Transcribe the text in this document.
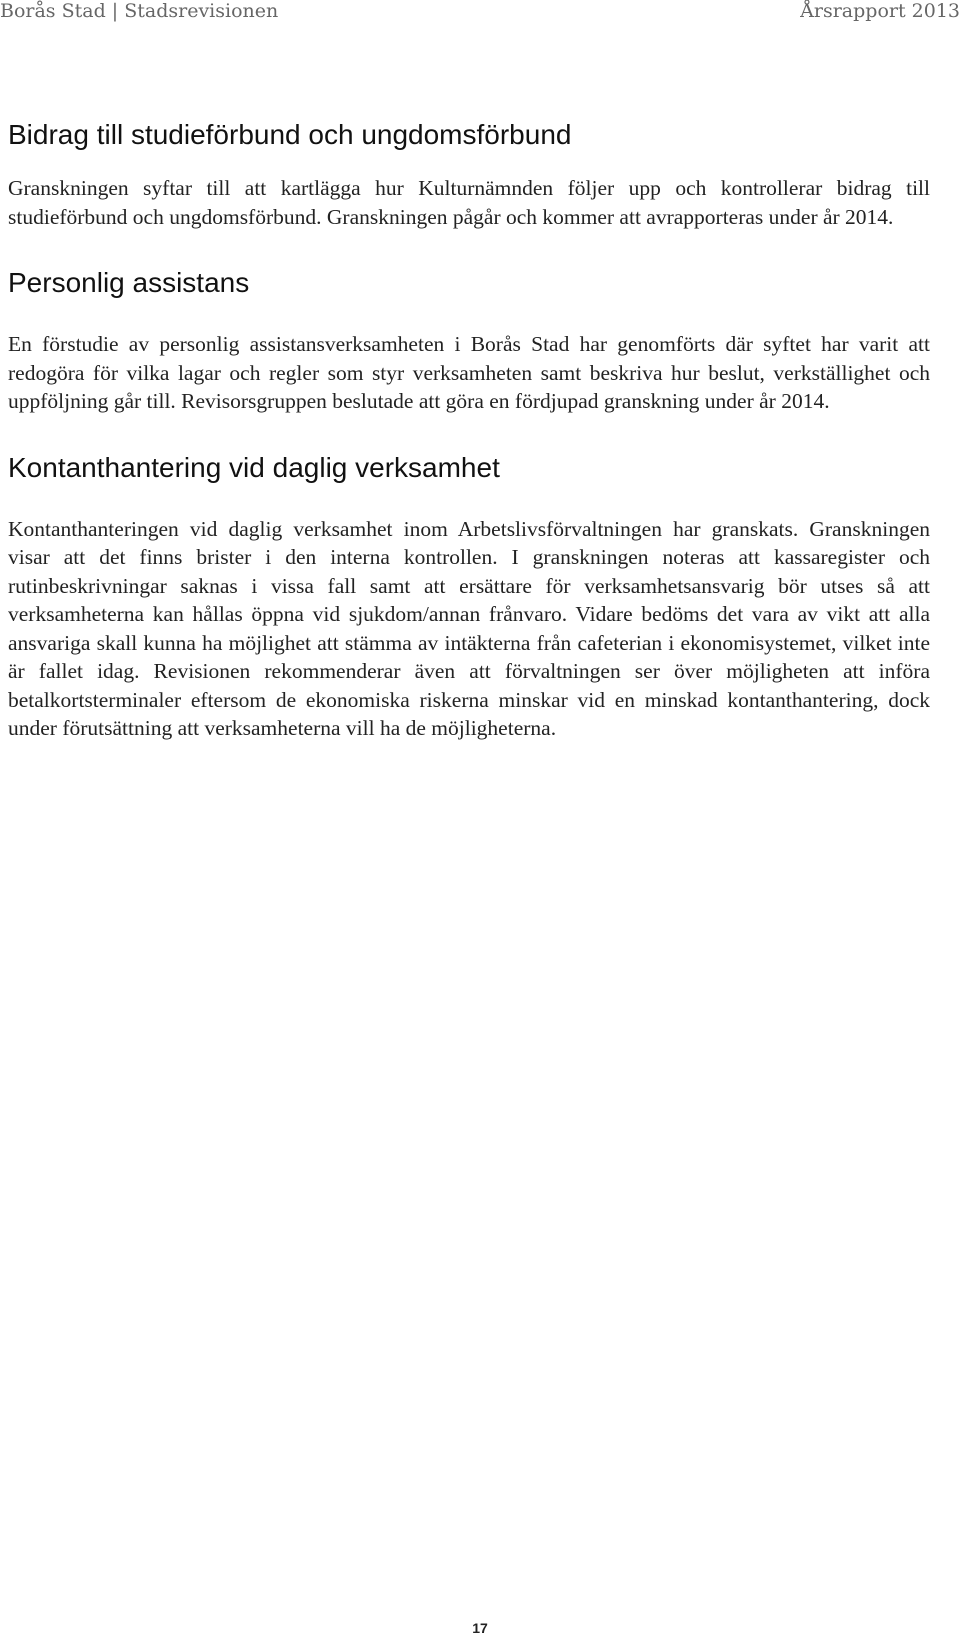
Borås Stad | Stadsrevisionen	Årsrapport 2013
Bidrag till studieförbund och ungdomsförbund

Granskningen syftar till att kartlägga hur Kulturnämnden följer upp och kontrollerar bidrag till studieförbund och ungdomsförbund. Granskningen pågår och kommer att avrapporteras under år 2014.

Personlig assistans

En förstudie av personlig assistansverksamheten i Borås Stad har genomförts där syftet har varit att redogöra för vilka lagar och regler som styr verksamheten samt beskriva hur beslut, verkställighet och uppföljning går till. Revisorsgruppen beslutade att göra en fördjupad granskning under år 2014.

Kontanthantering vid daglig verksamhet

Kontanthanteringen vid daglig verksamhet inom Arbetslivsförvaltningen har granskats. Granskningen visar att det finns brister i den interna kontrollen. I granskningen noteras att kassaregister och rutinbeskrivningar saknas i vissa fall samt att ersättare för verksamhetsansvarig bör utses så att verksamheterna kan hållas öppna vid sjukdom/annan frånvaro. Vidare bedöms det vara av vikt att alla ansvariga skall kunna ha möjlighet att stämma av intäkterna från cafeterian i ekonomisystemet, vilket inte är fallet idag. Revisionen rekommenderar även att förvaltningen ser över möjligheten att införa betalkortsterminaler eftersom de ekonomiska riskerna minskar vid en minskad kontanthantering, dock under förutsättning att verksamheterna vill ha de möjligheterna.

17
